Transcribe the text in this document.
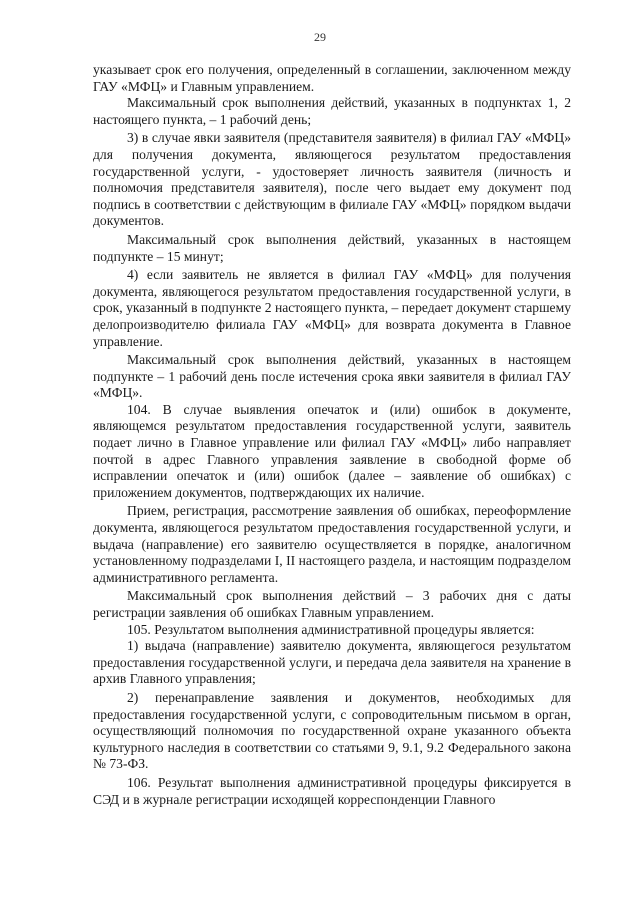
29

указывает срок его получения, определенный в соглашении, заключенном между ГАУ «МФЦ» и Главным управлением.

Максимальный срок выполнения действий, указанных в подпунктах 1, 2 настоящего пункта, – 1 рабочий день;

3) в случае явки заявителя (представителя заявителя) в филиал ГАУ «МФЦ» для получения документа, являющегося результатом предоставления государственной услуги, - удостоверяет личность заявителя (личность и полномочия представителя заявителя), после чего выдает ему документ под подпись в соответствии с действующим в филиале ГАУ «МФЦ» порядком выдачи документов.

Максимальный срок выполнения действий, указанных в настоящем подпункте – 15 минут;

4) если заявитель не является в филиал ГАУ «МФЦ» для получения документа, являющегося результатом предоставления государственной услуги, в срок, указанный в подпункте 2 настоящего пункта, – передает документ старшему делопроизводителю филиала ГАУ «МФЦ» для возврата документа в Главное управление.

Максимальный срок выполнения действий, указанных в настоящем подпункте – 1 рабочий день после истечения срока явки заявителя в филиал ГАУ «МФЦ».

104. В случае выявления опечаток и (или) ошибок в документе, являющемся результатом предоставления государственной услуги, заявитель подает лично в Главное управление или филиал ГАУ «МФЦ» либо направляет почтой в адрес Главного управления заявление в свободной форме об исправлении опечаток и (или) ошибок (далее – заявление об ошибках) с приложением документов, подтверждающих их наличие.

Прием, регистрация, рассмотрение заявления об ошибках, переоформление документа, являющегося результатом предоставления государственной услуги, и выдача (направление) его заявителю осуществляется в порядке, аналогичном установленному подразделами I, II настоящего раздела, и настоящим подразделом административного регламента.

Максимальный срок выполнения действий – 3 рабочих дня с даты регистрации заявления об ошибках Главным управлением.

105. Результатом выполнения административной процедуры является:

1) выдача (направление) заявителю документа, являющегося результатом предоставления государственной услуги, и передача дела заявителя на хранение в архив Главного управления;

2) перенаправление заявления и документов, необходимых для предоставления государственной услуги, с сопроводительным письмом в орган, осуществляющий полномочия по государственной охране указанного объекта культурного наследия в соответствии со статьями 9, 9.1, 9.2 Федерального закона № 73-ФЗ.

106. Результат выполнения административной процедуры фиксируется в СЭД и в журнале регистрации исходящей корреспонденции Главного
